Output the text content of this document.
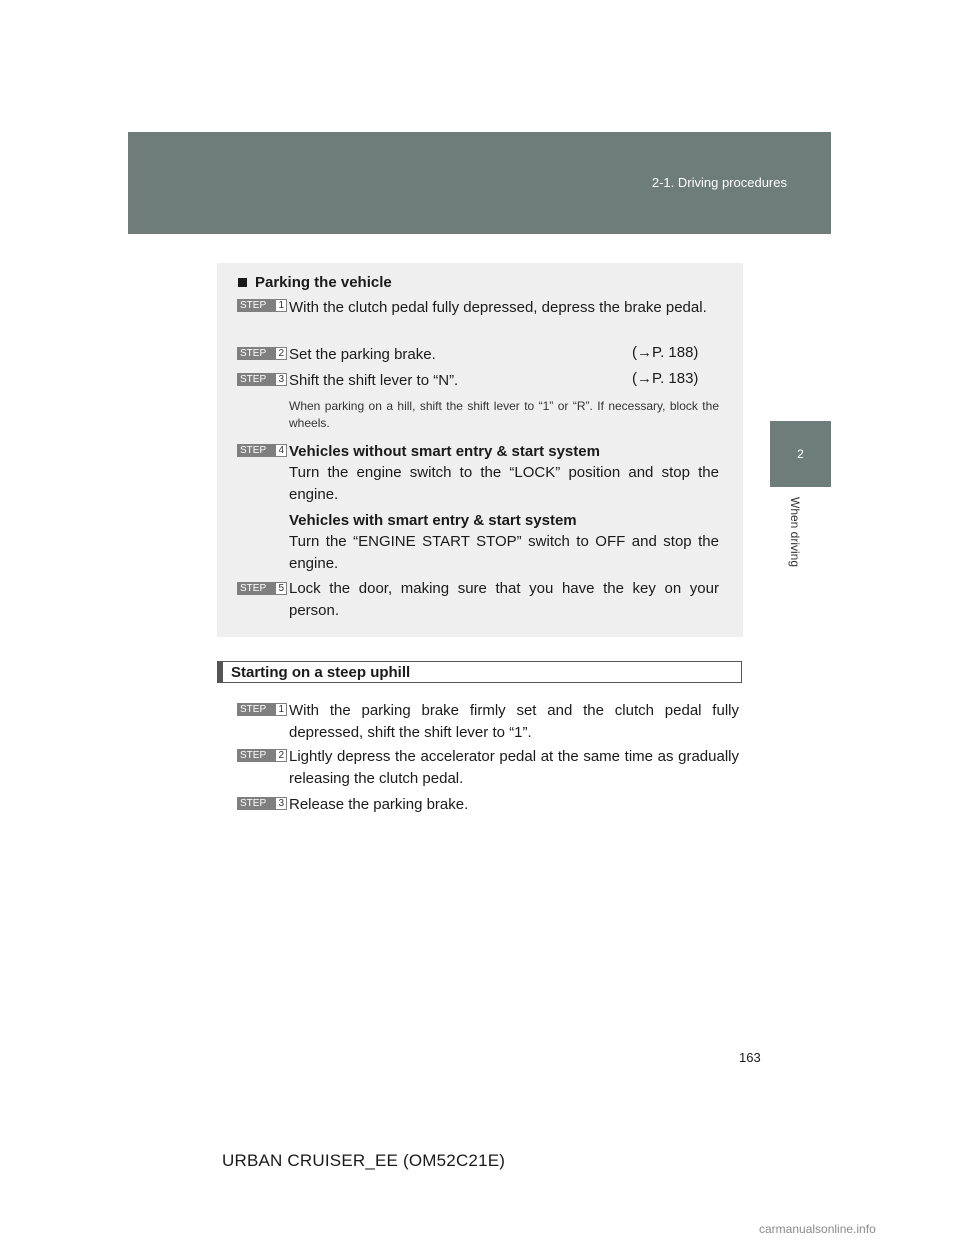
2-1. Driving procedures
2
When driving
Parking the vehicle
STEP	1 With the clutch pedal fully depressed, depress the brake pedal.
STEP	2 Set the parking brake.	(→P. 188)
STEP	3 Shift the shift lever to “N”.	(→P. 183)
When parking on a hill, shift the shift lever to “1” or “R”. If necessary, block the wheels.
STEP	4 Vehicles without smart entry & start system
Turn the engine switch to the “LOCK” position and stop the engine.
Vehicles with smart entry & start system
Turn the “ENGINE START STOP” switch to OFF and stop the engine.
STEP	5 Lock the door, making sure that you have the key on your person.
Starting on a steep uphill
STEP	1 With the parking brake firmly set and the clutch pedal fully depressed, shift the shift lever to “1”.
STEP	2 Lightly depress the accelerator pedal at the same time as gradually releasing the clutch pedal.
STEP	3 Release the parking brake.
163
URBAN CRUISER_EE (OM52C21E)
carmanualsonline.info
